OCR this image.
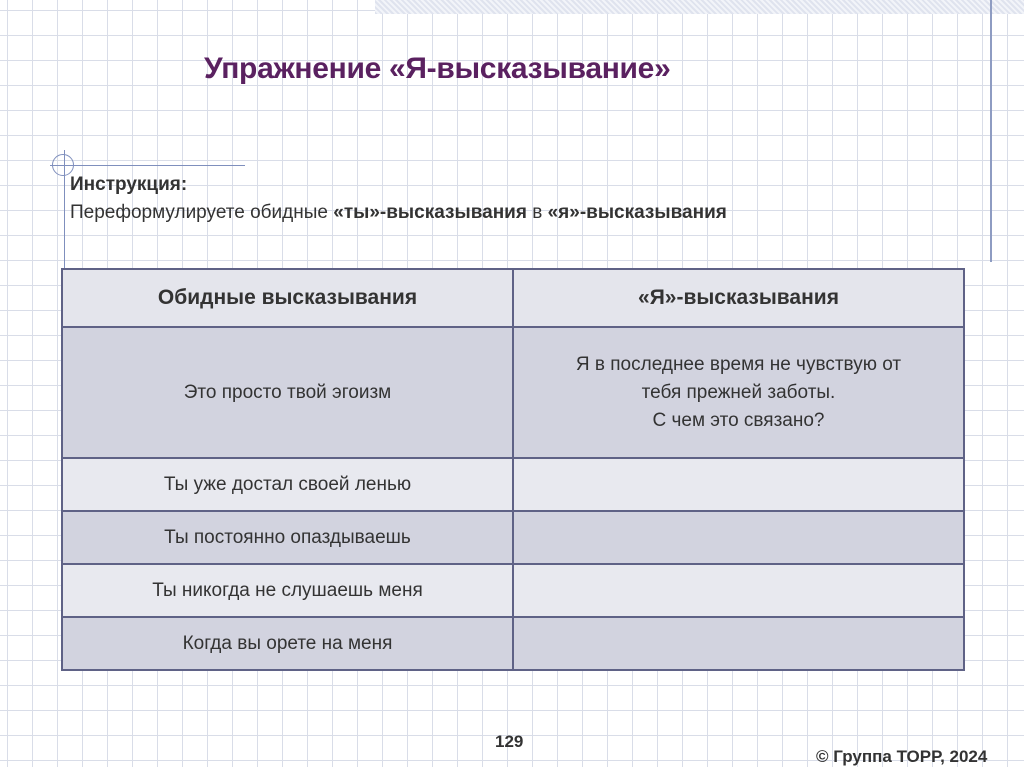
Упражнение «Я-высказывание»
Инструкция:
Переформулируете обидные «ты»-высказывания в «я»-высказывания
Обидные высказывания	«Я»-высказывания
Это просто твой эгоизм	Я в последнее время не чувствую от
тебя прежней заботы.
С чем это связано?

Ты уже достал своей ленью	
Ты постоянно опаздываешь	
Ты никогда не слушаешь меня	
Когда вы орете на меня	
129
© Группа ТОРР, 2024
